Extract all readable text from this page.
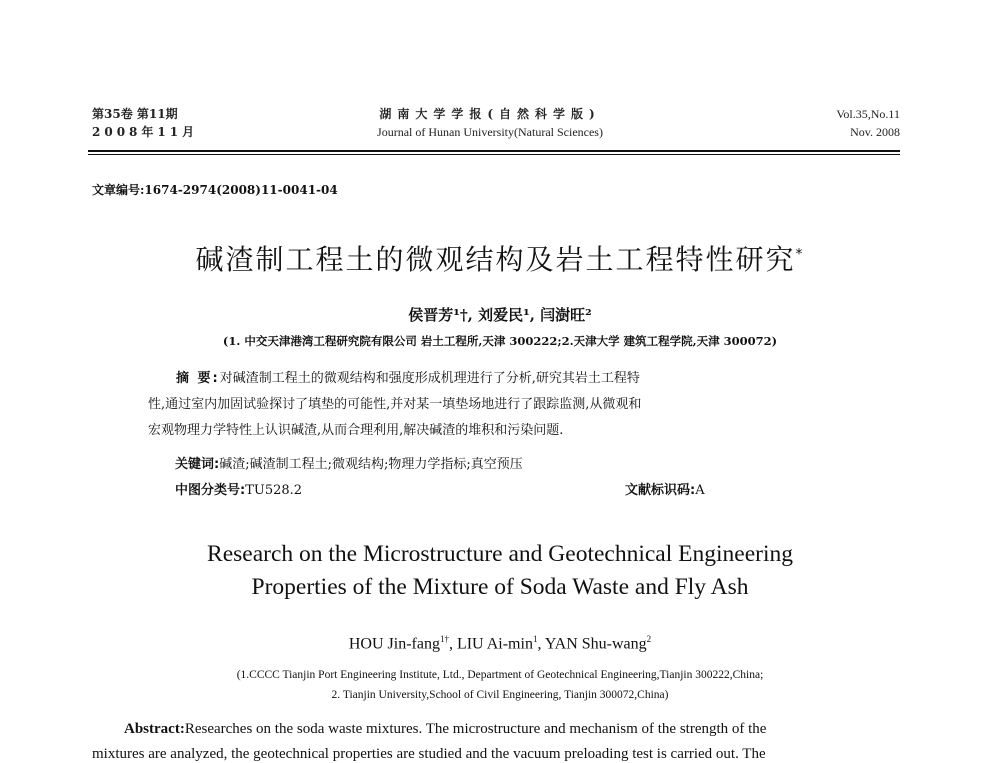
第35卷 第11期
2008年11月
湖南大学学报(自然科学版)
Journal of Hunan University(Natural Sciences)
Vol.35,No.11
Nov. 2008
文章编号:1674-2974(2008)11-0041-04
碱渣制工程土的微观结构及岩土工程特性研究*
侯晋芳¹†, 刘爱民¹, 闫澍旺²
(1. 中交天津港湾工程研究院有限公司 岩土工程所,天津 300222;2.天津大学 建筑工程学院,天津 300072)
摘 要:对碱渣制工程土的微观结构和强度形成机理进行了分析,研究其岩土工程特
性,通过室内加固试验探讨了填垫的可能性,并对某一填垫场地进行了跟踪监测,从微观和
宏观物理力学特性上认识碱渣,从而合理利用,解决碱渣的堆积和污染问题.
关键词:碱渣;碱渣制工程土;微观结构;物理力学指标;真空预压
中图分类号:TU528.2	文献标识码:A
Research on the Microstructure and Geotechnical Engineering
Properties of the Mixture of Soda Waste and Fly Ash
HOU Jin-fang$^{1\dagger}$, LIU $Ai-\min^1$, YAN Shu-wang$^2$
(1.CCCC Tianjin Port Engineering Institute, Ltd., Department of Geotechnical Engineering,Tianjin 300222,China;
2. Tianjin University,School of Civil Engineering, Tianjin 300072,China)
Abstract:Researches on the soda waste mixtures. The microstructure and mechanism of the strength of the
mixtures are analyzed, the geotechnical properties are studied and the vacuum preloading test is carried out. The
